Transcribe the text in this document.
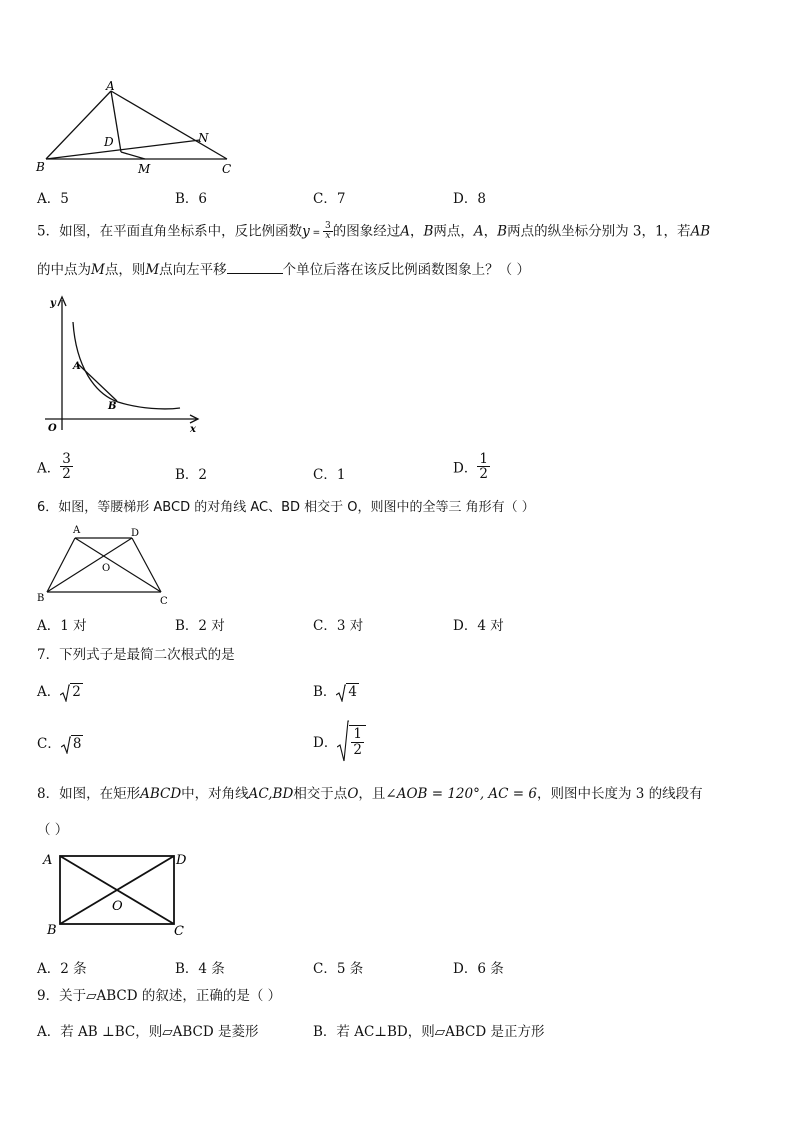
A
B	C
D
M
N
A．5	B．6	C．7	D．8
5．如图，在平面直角坐标系中，反比例函数$y = \frac{3}{x}$ 的图象经过A，B两点，A，B两点的纵坐标分别为 3，1，若AB
的中点为M点，则M点向左平移	个单位后落在该反比例函数图象上？（ ）
y
x
O
A
B
A． $\frac{3}{2}$	B．2	C．1	D． $\frac{1}{2}$
6．如图，等腰梯形 ABCD 的对角线 AC、BD 相交于 O，则图中的全等三 角形有（ ）
A	D
B	C
O
A．1 对	B．2 对	C．3 对	D．4 对
7．下列式子是最简二次根式的是
A． 2	B． 4
C． 8	D． $\frac{1}{2}$
8．如图，在矩形ABCD中，对角线AC,BD相交于点O，且∠AOB = 120°, AC = 6，则图中长度为 3 的线段有
（ ）
A	D
B	C
O
A．2 条	B．4 条	C．5 条	D．6 条
9．关于▱ABCD 的叙述，正确的是（ ）
A．若 AB ⊥BC，则▱ABCD 是菱形	B．若 AC⊥BD，则▱ABCD 是正方形
